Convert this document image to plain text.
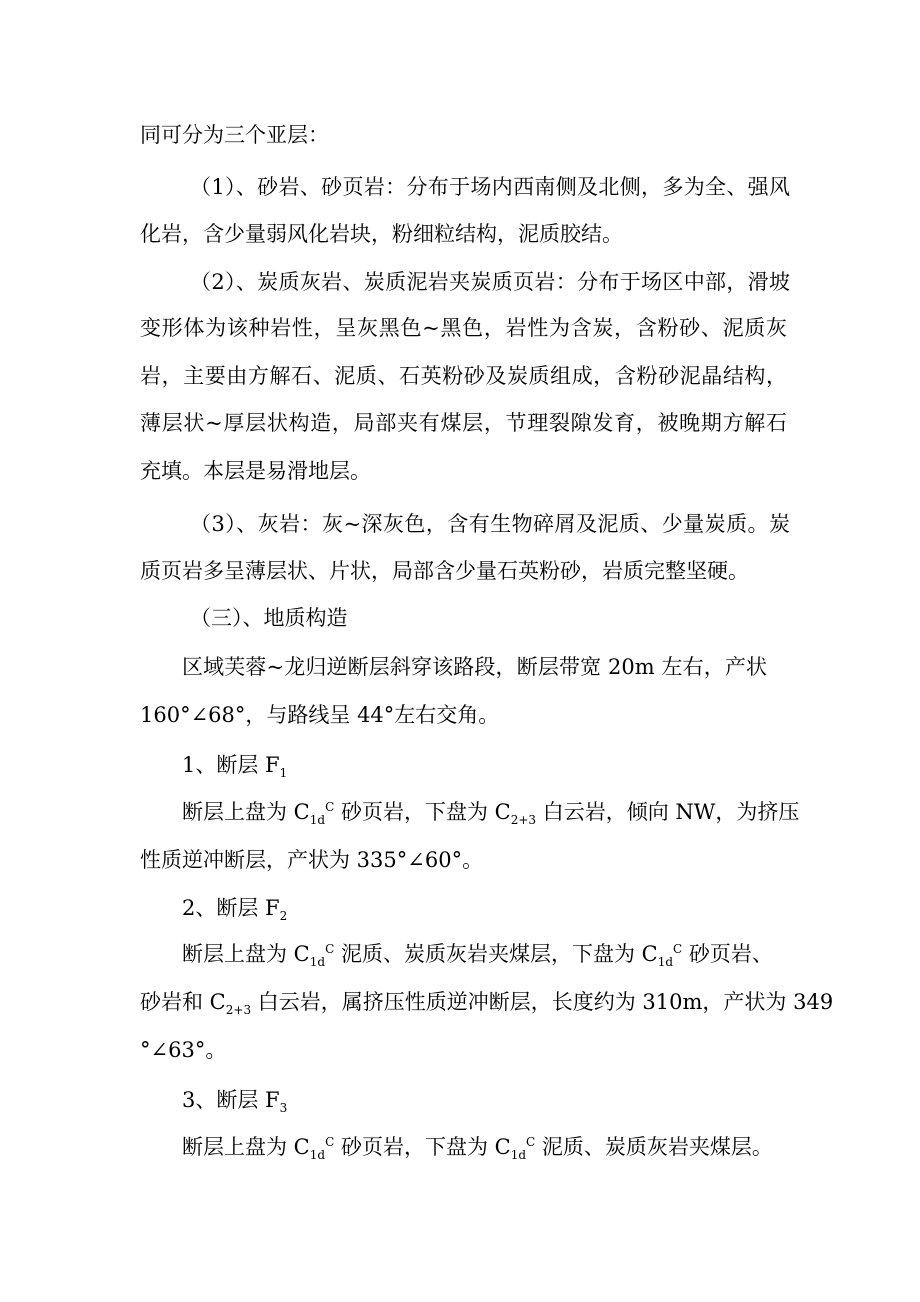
同可分为三个亚层：
（1）、砂岩、砂页岩：分布于场内西南侧及北侧，多为全、强风
化岩，含少量弱风化岩块，粉细粒结构，泥质胶结。
（2）、炭质灰岩、炭质泥岩夹炭质页岩：分布于场区中部，滑坡
变形体为该种岩性，呈灰黑色~黑色，岩性为含炭，含粉砂、泥质灰
岩，主要由方解石、泥质、石英粉砂及炭质组成，含粉砂泥晶结构，
薄层状~厚层状构造，局部夹有煤层，节理裂隙发育，被晚期方解石
充填。本层是易滑地层。
（3）、灰岩：灰~深灰色，含有生物碎屑及泥质、少量炭质。炭
质页岩多呈薄层状、片状，局部含少量石英粉砂，岩质完整坚硬。
（三）、地质构造
区域芙蓉~龙归逆断层斜穿该路段，断层带宽 20m 左右，产状
160°∠68°，与路线呈 44°左右交角。
1、断层 $F_1$
断层上盘为 $C_{1d}^C$ 砂页岩，下盘为 $C_{2+3}$ 白云岩，倾向 NW，为挤压
性质逆冲断层，产状为 335°∠60°。
2、断层 $F_2$
断层上盘为 $C_{1d}^C$ 泥质、炭质灰岩夹煤层，下盘为 $C_{1d}^C$ 砂页岩、
砂岩和 $C_{2+3}$ 白云岩，属挤压性质逆冲断层，长度约为 310m，产状为 349
°∠63°。
3、断层 $F_3$
断层上盘为 $C_{1d}^C$ 砂页岩，下盘为 $C_{1d}^C$ 泥质、炭质灰岩夹煤层。
